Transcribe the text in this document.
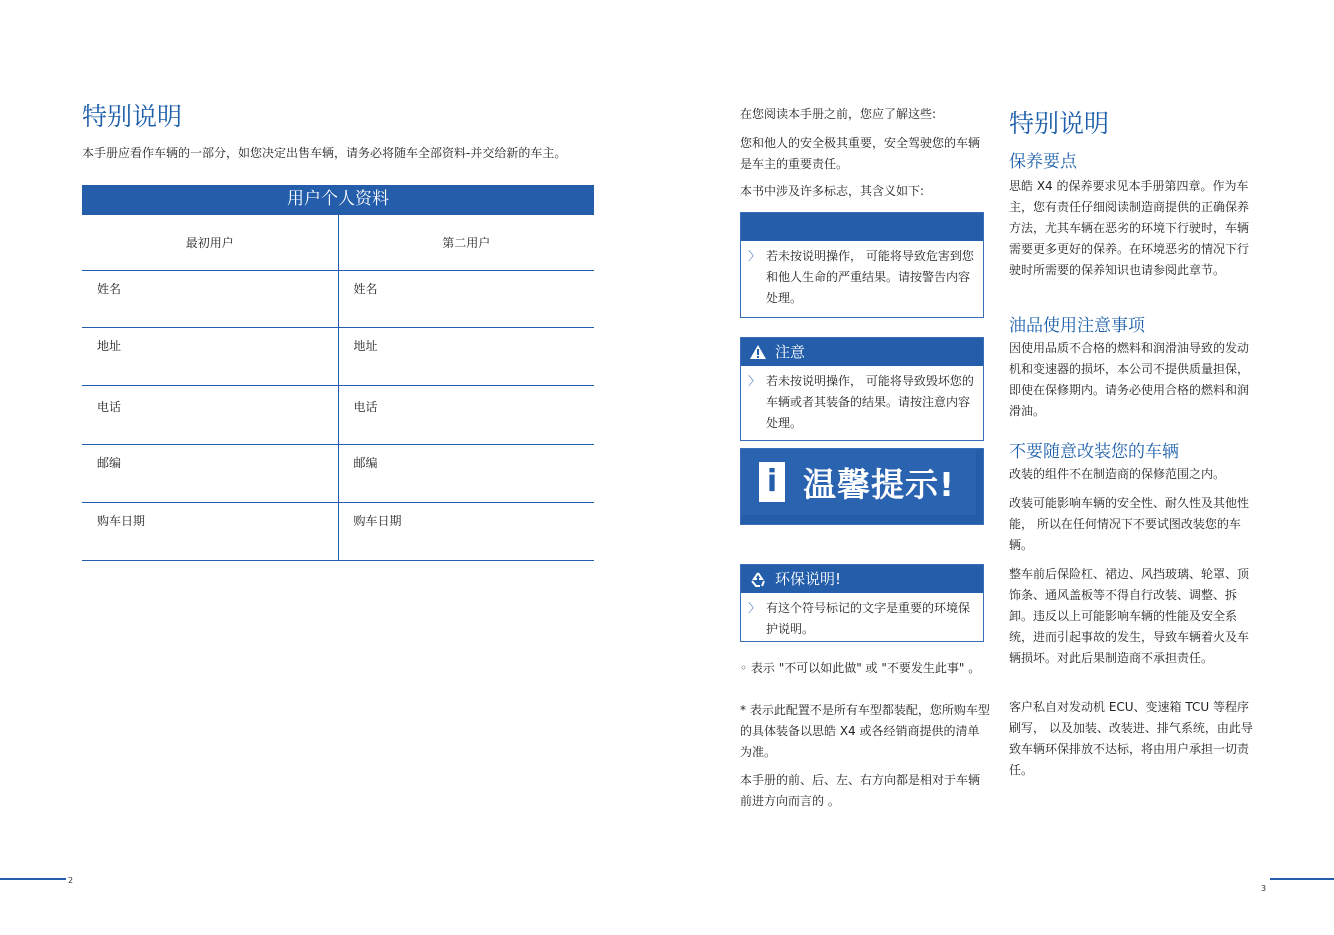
特别说明

本手册应看作车辆的一部分，如您决定出售车辆，请务必将随车全部资料-并交给新的车主。

用户个人资料
最初用户	第二用户
姓名	姓名
地址	地址
电话	电话
邮编	邮编
购车日期	购车日期
2

在您阅读本手册之前，您应了解这些:

您和他人的安全极其重要，安全驾驶您的车辆是车主的重要责任。

本书中涉及许多标志，其含义如下:

〉 若未按说明操作， 可能将导致危害到您和他人生命的严重结果。请按警告内容处理。
注意
〉 若未按说明操作， 可能将导致毁坏您的车辆或者其装备的结果。请按注意内容处理。
i 温馨提示!
环保说明!
〉 有这个符号标记的文字是重要的环境保护说明。

◦ 表示 "不可以如此做" 或 "不要发生此事" 。

* 表示此配置不是所有车型都装配，您所购车型的具体装备以思皓 X4 或各经销商提供的清单为准。

本手册的前、后、左、右方向都是相对于车辆前进方向而言的 。

特别说明
保养要点

思皓 X4 的保养要求见本手册第四章。作为车主，您有责任仔细阅读制造商提供的正确保养方法，尤其车辆在恶劣的环境下行驶时，车辆需要更多更好的保养。在环境恶劣的情况下行驶时所需要的保养知识也请参阅此章节。

油品使用注意事项

因使用品质不合格的燃料和润滑油导致的发动机和变速器的损坏，本公司不提供质量担保， 即使在保修期内。请务必使用合格的燃料和润滑油。

不要随意改装您的车辆

改装的组件不在制造商的保修范围之内。

改装可能影响车辆的安全性、耐久性及其他性能， 所以在任何情况下不要试图改装您的车辆。

整车前后保险杠、裙边、风挡玻璃、轮罩、顶饰条、通风盖板等不得自行改装、调整、拆卸。违反以上可能影响车辆的性能及安全系统，进而引起事故的发生，导致车辆着火及车辆损坏。对此后果制造商不承担责任。

客户私自对发动机 ECU、变速箱 TCU 等程序刷写， 以及加装、改装进、排气系统，由此导致车辆环保排放不达标，将由用户承担一切责任。

3
